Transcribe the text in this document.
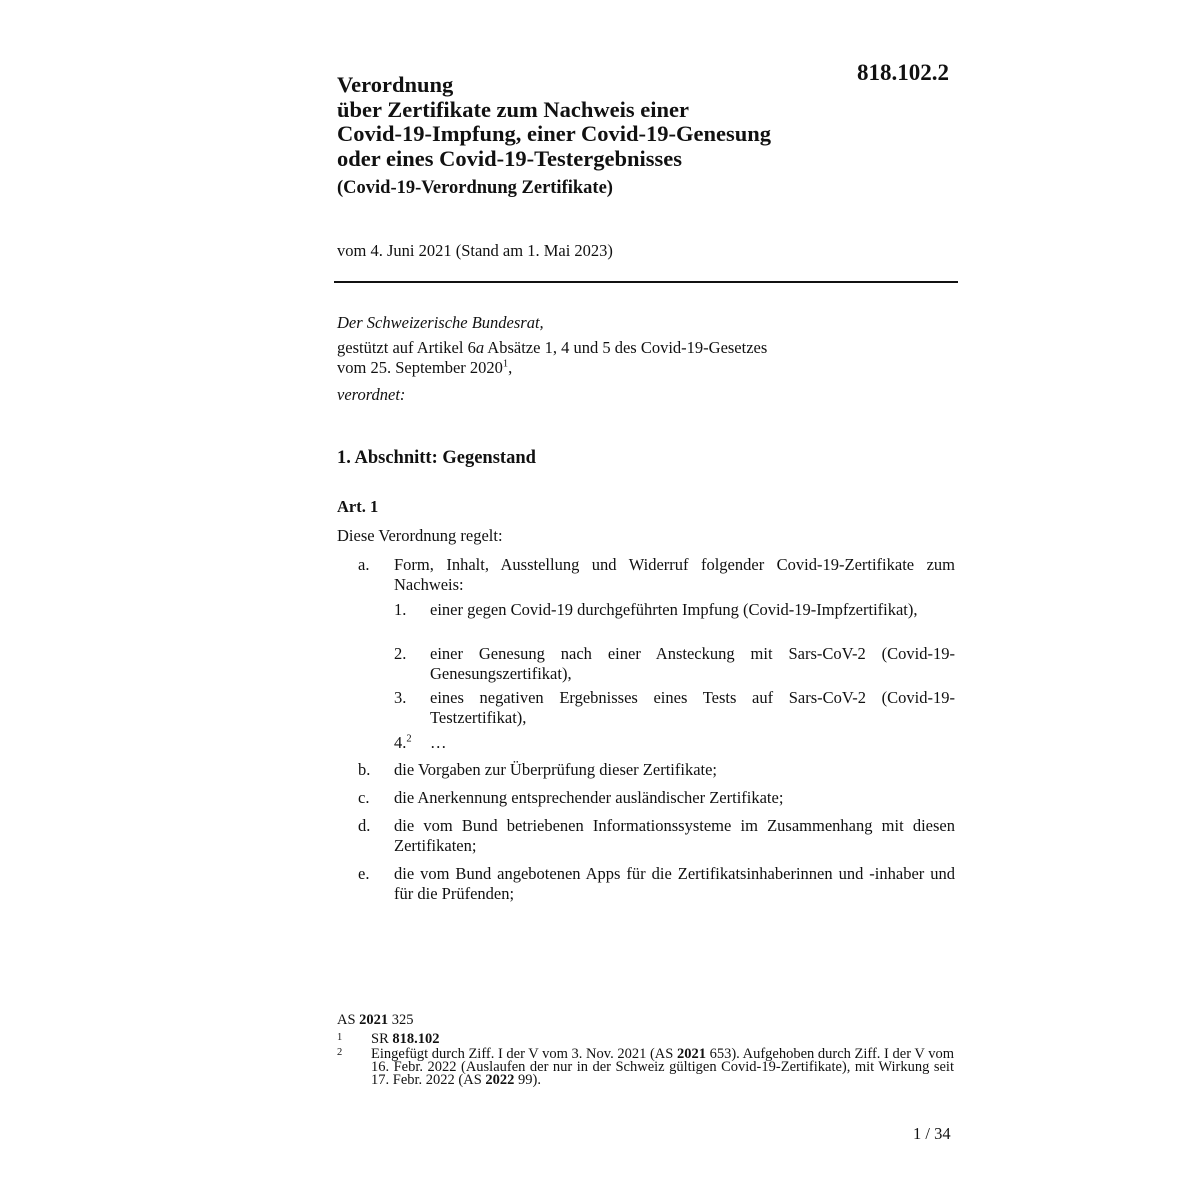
818.102.2
Verordnung
über Zertifikate zum Nachweis einer
Covid-19-Impfung, einer Covid-19-Genesung
oder eines Covid-19-Testergebnisses
(Covid-19-Verordnung Zertifikate)
vom 4. Juni 2021 (Stand am 1. Mai 2023)
Der Schweizerische Bundesrat,
gestützt auf Artikel 6a Absätze 1, 4 und 5 des Covid-19-Gesetzes
vom 25. September 2020$^1$,
verordnet:
1. Abschnitt: Gegenstand
Art. 1
Diese Verordnung regelt:
a. Form, Inhalt, Ausstellung und Widerruf folgender Covid-19-Zertifikate zum Nachweis:
1. einer gegen Covid-19 durchgeführten Impfung (Covid-19-Impfzertifikat),
2. einer Genesung nach einer Ansteckung mit Sars-CoV-2 (Covid-19-Genesungszertifikat),
3. eines negativen Ergebnisses eines Tests auf Sars-CoV-2 (Covid-19-Testzertifikat),
4.$^2$ …
b. die Vorgaben zur Überprüfung dieser Zertifikate;
c. die Anerkennung entsprechender ausländischer Zertifikate;
d. die vom Bund betriebenen Informationssysteme im Zusammenhang mit diesen Zertifikaten;
e. die vom Bund angebotenen Apps für die Zertifikatsinhaberinnen und -inhaber und für die Prüfenden;
AS 2021 325
1 SR 818.102
2 Eingefügt durch Ziff. I der V vom 3. Nov. 2021 (AS 2021 653). Aufgehoben durch Ziff. I der V vom 16. Febr. 2022 (Auslaufen der nur in der Schweiz gültigen Covid-19-Zertifikate), mit Wirkung seit 17. Febr. 2022 (AS 2022 99).
1 / 34
